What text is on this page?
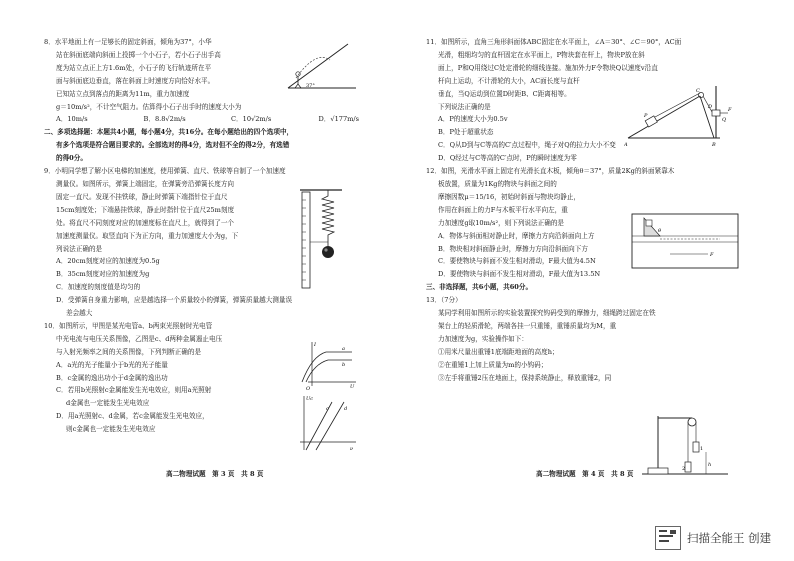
8．水平地面上有一足够长的固定斜面，倾角为37°，小华
站在斜面底端向斜面上投掷一个小石子，若小石子出手高
度为站立点正上方1.6m处，小石子的飞行轨迹所在平
面与斜面底边垂直，落在斜面上时速度方向恰好水平。
已知站立点到落点的距离为11m，重力加速度
g＝10m/s²，不计空气阻力。估算得小石子出手时的速度大小为
A．10m/s	B．8.8√2m/s	C．10√2m/s	D．√177m/s
二、多项选择题：本题共4小题，每小题4分，共16分。在每小题给出的四个选项中，
有多个选项是符合题目要求的。全部选对的得4分，选对但不全的得2分，有选错
的得0分。
9．小明同学想了解小区电梯的加速度，使用弹簧、直尺、铁球等自制了一个加速度
测量仪。如图所示，弹簧上端固定，在弹簧旁沿弹簧长度方向
固定一直尺。发现不挂铁球，静止时弹簧下端指针位于直尺
15cm刻度处；下端悬挂铁球，静止时指针位于直尺25m刻度
处。将直尺不同刻度对应的加速度标在直尺上，就得到了一个
加速度测量仪。取竖直向下为正方向，重力加速度大小为g，下
列说法正确的是
A．20cm刻度对应的加速度为0.5g
B．35cm刻度对应的加速度为g
C．加速度的刻度值是均匀的
D．受弹簧自身重力影响，应是越选择一个质量较小的弹簧，弹簧质量越大测量误
差会越大
10．如图所示，甲图是某光电管a、b两束光照射时光电管
中光电流与电压关系图像，乙图是c、d两种金属遏止电压
与入射光频率之间的关系图像，下列判断正确的是
A．a光的光子能量小于b光的光子能量
B．c金属的逸出功小于d金属的逸出功
C．若用b光照射c金属能发生光电效应，则用a光照射
d金属也一定能发生光电效应
D．用a光照射c、d金属，若c金属能发生光电效应，
则c金属也一定能发生光电效应
高二物理试题　第 3 页　共 8 页
37°
I
a
b
U
O
Uc
c	d
ν
11．如图所示，直角三角形斜面体ABC固定在水平面上，∠A＝30°、∠C＝90°，AC面
光滑，粗细均匀的直杆固定在水平面上，P物块套在杆上，物块P放在斜
面上，P和Q用绕过C处定滑轮的细线连接。施加外力F令物块Q以速度v沿直
杆向上运动，不计滑轮的大小，AC面长度与直杆
垂直，当Q运动到位置D时距B、C距离相等。
下列说法正确的是
A．P的速度大小为0.5v
B．P处于超重状态
C．Q从D到与C等高的C′点过程中，绳子对Q的拉力大小不变
D．Q经过与C等高的C′点时，P的瞬时速度为零
12．如图，光滑水平面上固定有光滑长直木板，倾角θ＝37°，质量2Kg的斜面紧靠木
板放置，质量为1Kg的物块与斜面之间的
摩擦因数μ＝15/16，初始时斜面与物块均静止，
作用在斜面上的力F与木板平行水平向左，重
力加速度g取10m/s²，则下列说法正确的是
A．物体与斜面相对静止时，摩擦力方向沿斜面向上方
B．物块相对斜面静止时，摩擦力方向沿斜面向下方
C．要使物块与斜面不发生相对滑动，F最大值为4.5N
D．要使物块与斜面不发生相对滑动，F最大值为13.5N
三、非选择题，共6小题，共60分。
13．（7分）
某同学利用如图所示的实验装置探究钩码受到的摩擦力，细绳跨过固定在铁
架台上的轻质滑轮，两端各挂一只重锤，重锤质量均为M，重
力加速度为g，实验操作如下：
①用米尺量出重锤1底端距地面的高度h；
②在重锤1上加上质量为m的小钩码；
③左手将重锤2压在地面上，保持系统静止，释放重锤2，同
高二物理试题　第 4 页　共 8 页
A	B
C
D
P
Q
F
θ
F
2
1
h
扫描全能王 创建
